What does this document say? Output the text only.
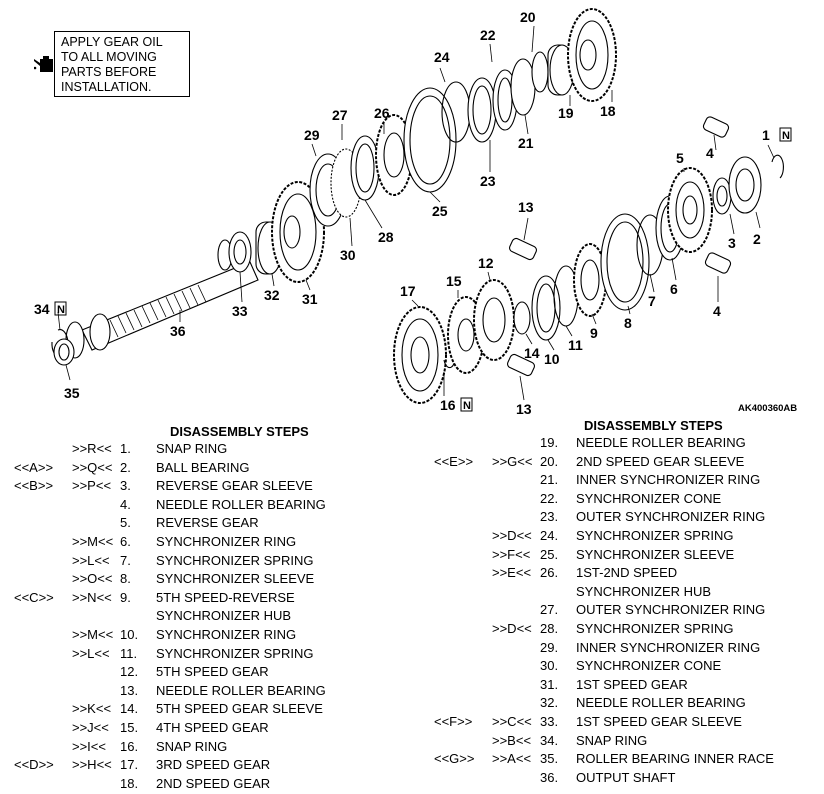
1
2
3
4
4
5
6
7
8
9
10
11
12
13
13
14
15
16 N
17
18
19
20
21
22
23
24
25
26
27
28
29
30
31
32
33
34 N
35
36
N
APPLY GEAR OIL
TO ALL MOVING
PARTS BEFORE
INSTALLATION.
AK400360AB
DISASSEMBLY STEPS
>>R<< 1. SNAP RING
<<A>> >>Q<< 2. BALL BEARING
<<B>> >>P<< 3. REVERSE GEAR SLEEVE
4. NEEDLE ROLLER BEARING
5. REVERSE GEAR
>>M<< 6. SYNCHRONIZER RING
>>L<< 7. SYNCHRONIZER SPRING
>>O<< 8. SYNCHRONIZER SLEEVE
<<C>> >>N<< 9. 5TH SPEED-REVERSE
SYNCHRONIZER HUB
>>M<< 10. SYNCHRONIZER RING
>>L<< 11. SYNCHRONIZER SPRING
12. 5TH SPEED GEAR
13. NEEDLE ROLLER BEARING
>>K<< 14. 5TH SPEED GEAR SLEEVE
>>J<< 15. 4TH SPEED GEAR
>>I<< 16. SNAP RING
<<D>> >>H<< 17. 3RD SPEED GEAR
18. 2ND SPEED GEAR
DISASSEMBLY STEPS
19. NEEDLE ROLLER BEARING
<<E>> >>G<< 20. 2ND SPEED GEAR SLEEVE
21. INNER SYNCHRONIZER RING
22. SYNCHRONIZER CONE
23. OUTER SYNCHRONIZER RING
>>D<< 24. SYNCHRONIZER SPRING
>>F<< 25. SYNCHRONIZER SLEEVE
>>E<< 26. 1ST-2ND SPEED
SYNCHRONIZER HUB
27. OUTER SYNCHRONIZER RING
>>D<< 28. SYNCHRONIZER SPRING
29. INNER SYNCHRONIZER RING
30. SYNCHRONIZER CONE
31. 1ST SPEED GEAR
32. NEEDLE ROLLER BEARING
<<F>> >>C<< 33. 1ST SPEED GEAR SLEEVE
>>B<< 34. SNAP RING
<<G>> >>A<< 35. ROLLER BEARING INNER RACE
36. OUTPUT SHAFT
